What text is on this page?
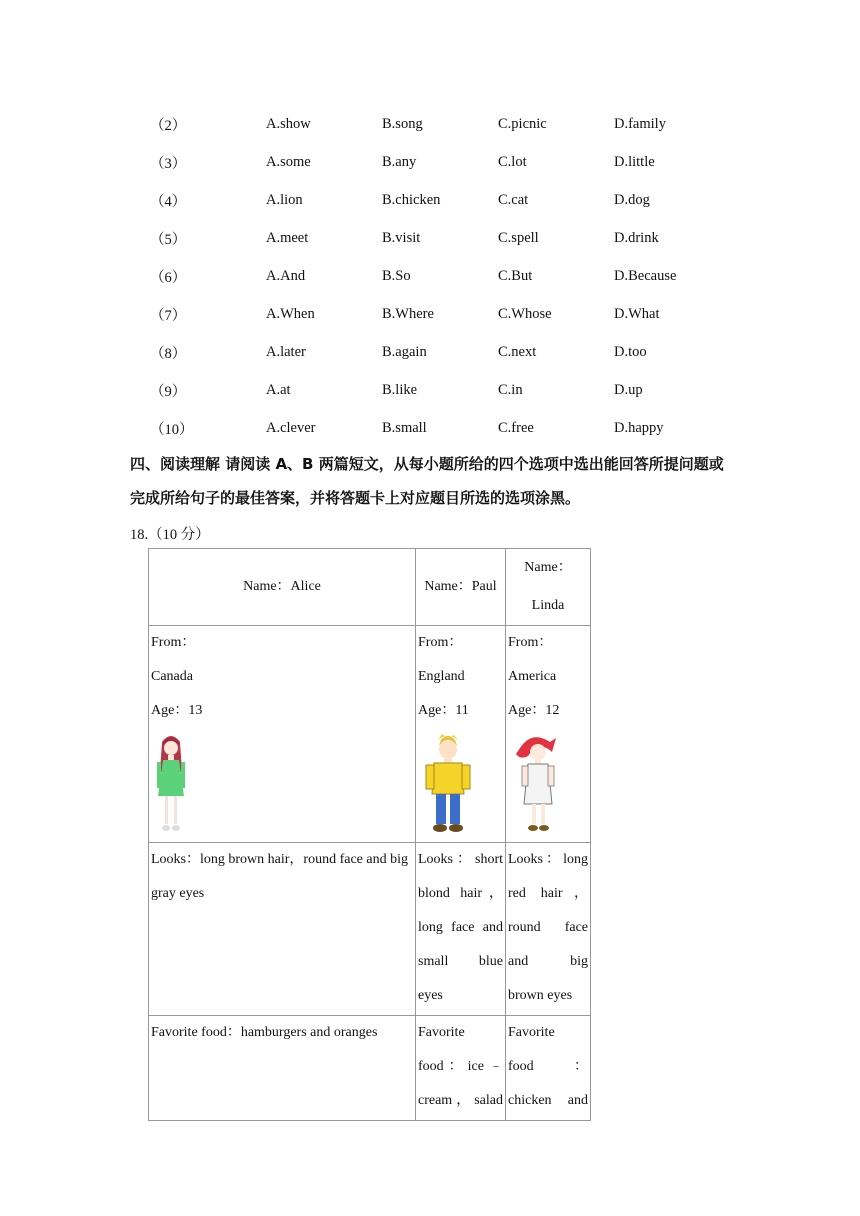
（2）	A.show	B.song	C.picnic	D.family
（3）	A.some	B.any	C.lot	D.little
（4）	A.lion	B.chicken	C.cat	D.dog
（5）	A.meet	B.visit	C.spell	D.drink
（6）	A.And	B.So	C.But	D.Because
（7）	A.When	B.Where	C.Whose	D.What
（8）	A.later	B.again	C.next	D.too
（9）	A.at	B.like	C.in	D.up
（10）	A.clever	B.small	C.free	D.happy
四、阅读理解 请阅读 A、B 两篇短文，从每小题所给的四个选项中选出能回答所提问题或
完成所给句子的最佳答案，并将答题卡上对应题目所选的选项涂黑。
18.（10 分）
Name：Alice	Name：Paul	Name：Linda

From：
Canada
Age：13	From：
England
Age：11	From：
America
Age：12

Looks：long brown hair，round face and big
gray eyes	Looks：short
blond hair，
long face and
small blue
eyes	Looks：long
red hair，
round face
and big
brown eyes

Favorite food：hamburgers and oranges	Favorite
food：ice﹣
cream，salad	Favorite
food：
chicken and
